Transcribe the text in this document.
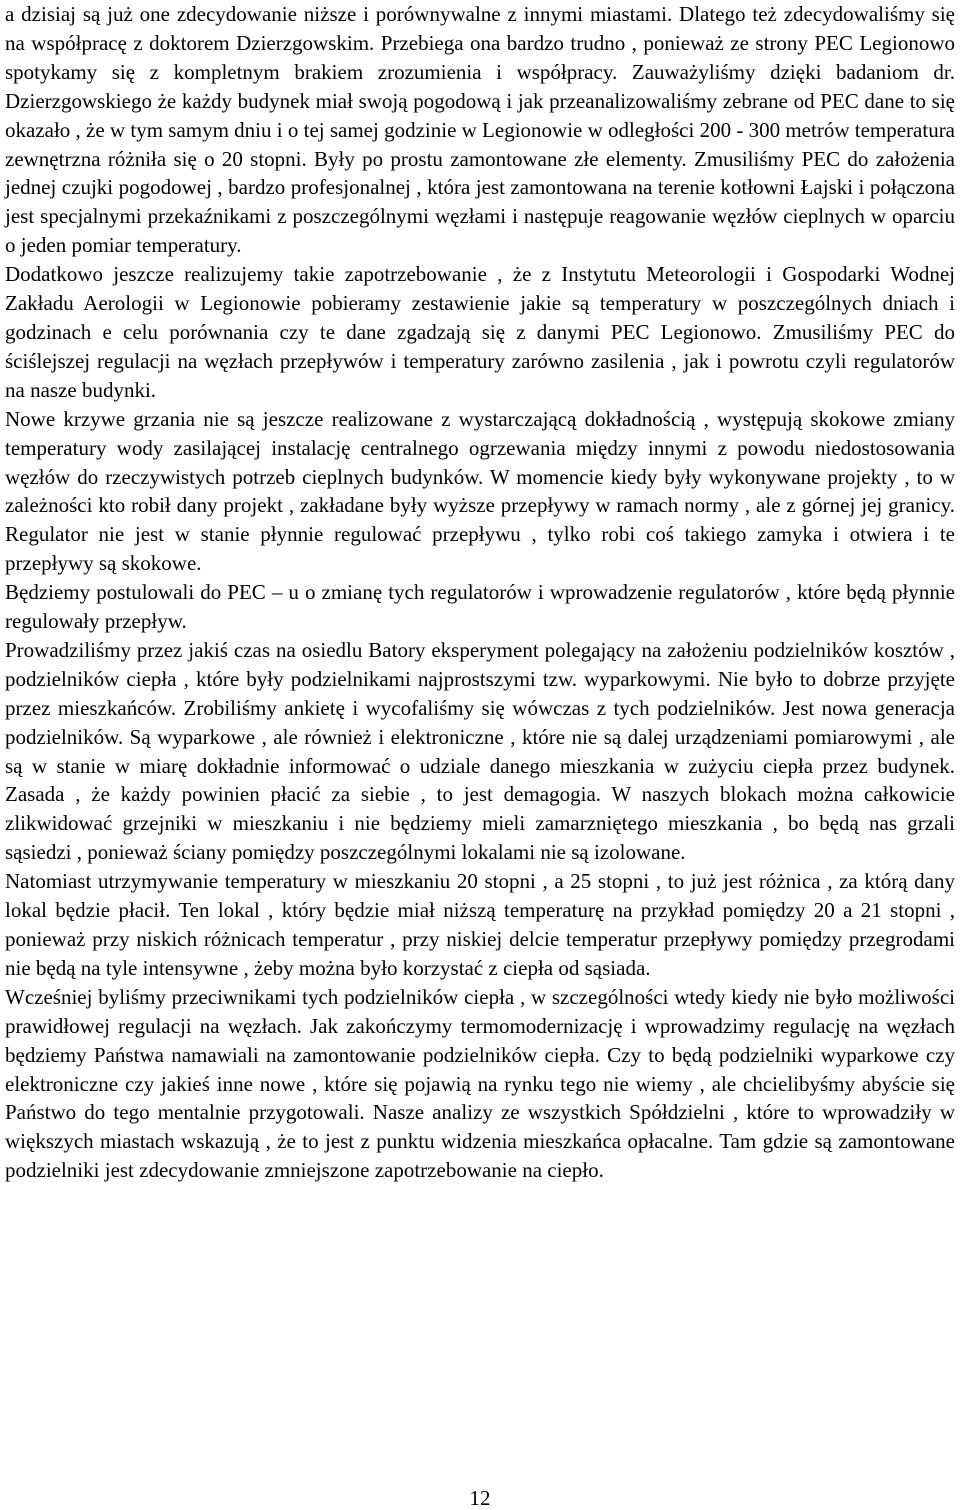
a dzisiaj są już one zdecydowanie niższe i porównywalne z innymi miastami. Dlatego też zdecydowaliśmy się na współpracę z doktorem Dzierzgowskim. Przebiega ona bardzo trudno , ponieważ ze strony PEC Legionowo spotykamy się z kompletnym brakiem zrozumienia i współpracy. Zauważyliśmy dzięki badaniom dr. Dzierzgowskiego że każdy budynek miał swoją pogodową i jak przeanalizowaliśmy zebrane od PEC dane to się okazało , że w tym samym dniu i o tej samej godzinie w Legionowie w odległości 200 - 300 metrów temperatura zewnętrzna różniła się o 20 stopni. Były po prostu zamontowane złe elementy. Zmusiliśmy PEC do założenia jednej czujki pogodowej , bardzo profesjonalnej , która jest zamontowana na terenie kotłowni Łajski i połączona jest specjalnymi przekaźnikami z poszczególnymi węzłami i następuje reagowanie węzłów cieplnych w oparciu o jeden pomiar temperatury.

Dodatkowo jeszcze realizujemy takie zapotrzebowanie , że z Instytutu Meteorologii i Gospodarki Wodnej Zakładu Aerologii w Legionowie pobieramy zestawienie jakie są temperatury w poszczególnych dniach i godzinach e celu porównania czy te dane zgadzają się z danymi PEC Legionowo. Zmusiliśmy PEC do ściślejszej regulacji na węzłach przepływów i temperatury zarówno zasilenia , jak i powrotu czyli regulatorów na nasze budynki.

Nowe krzywe grzania nie są jeszcze realizowane z wystarczającą dokładnością , występują skokowe zmiany temperatury wody zasilającej instalację centralnego ogrzewania między innymi z powodu niedostosowania węzłów do rzeczywistych potrzeb cieplnych budynków. W momencie kiedy były wykonywane projekty , to w zależności kto robił dany projekt , zakładane były wyższe przepływy w ramach normy , ale z górnej jej granicy. Regulator nie jest w stanie płynnie regulować przepływu , tylko robi coś takiego zamyka i otwiera i te przepływy są skokowe.

Będziemy postulowali do PEC – u o zmianę tych regulatorów i wprowadzenie regulatorów , które będą płynnie regulowały przepływ.

Prowadziliśmy przez jakiś czas na osiedlu Batory eksperyment polegający na założeniu podzielników kosztów , podzielników ciepła , które były podzielnikami najprostszymi tzw. wyparkowymi. Nie było to dobrze przyjęte przez mieszkańców. Zrobiliśmy ankietę i wycofaliśmy się wówczas z tych podzielników. Jest nowa generacja podzielników. Są wyparkowe , ale również i elektroniczne , które nie są dalej urządzeniami pomiarowymi , ale są w stanie w miarę dokładnie informować o udziale danego mieszkania w zużyciu ciepła przez budynek. Zasada , że każdy powinien płacić za siebie , to jest demagogia. W naszych blokach można całkowicie zlikwidować grzejniki w mieszkaniu i nie będziemy mieli zamarzniętego mieszkania , bo będą nas grzali sąsiedzi , ponieważ ściany pomiędzy poszczególnymi lokalami nie są izolowane.

Natomiast utrzymywanie temperatury w mieszkaniu 20 stopni , a 25 stopni , to już jest różnica , za którą dany lokal będzie płacił. Ten lokal , który będzie miał niższą temperaturę na przykład pomiędzy 20 a 21 stopni , ponieważ przy niskich różnicach temperatur , przy niskiej delcie temperatur przepływy pomiędzy przegrodami nie będą na tyle intensywne , żeby można było korzystać z ciepła od sąsiada.

Wcześniej byliśmy przeciwnikami tych podzielników ciepła , w szczególności wtedy kiedy nie było możliwości prawidłowej regulacji na węzłach. Jak zakończymy termomodernizację i wprowadzimy regulację na węzłach będziemy Państwa namawiali na zamontowanie podzielników ciepła. Czy to będą podzielniki wyparkowe czy elektroniczne czy jakieś inne nowe , które się pojawią na rynku tego nie wiemy , ale chcielibyśmy abyście się Państwo do tego mentalnie przygotowali. Nasze analizy ze wszystkich Spółdzielni , które to wprowadziły w większych miastach wskazują , że to jest z punktu widzenia mieszkańca opłacalne. Tam gdzie są zamontowane podzielniki jest zdecydowanie zmniejszone zapotrzebowanie na ciepło.

12
